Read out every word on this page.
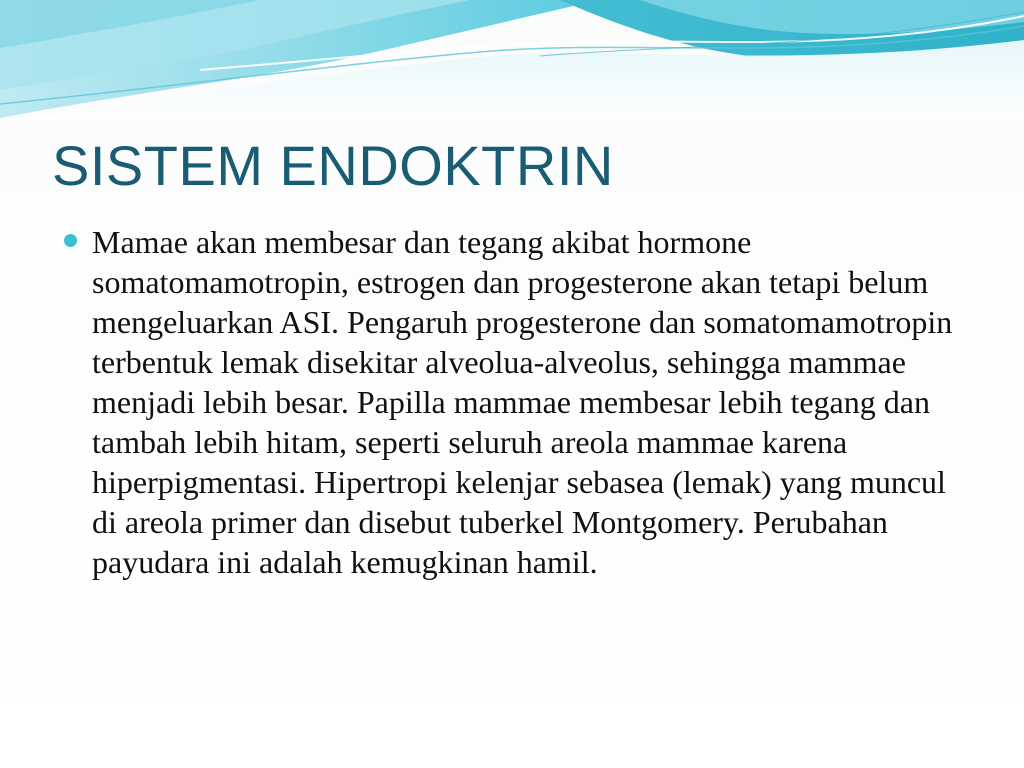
SISTEM ENDOKTRIN

Mamae akan membesar dan tegang akibat hormone somatomamotropin, estrogen dan progesterone akan tetapi belum mengeluarkan ASI. Pengaruh progesterone dan somatomamotropin terbentuk lemak disekitar alveolua-alveolus, sehingga mammae menjadi lebih besar. Papilla mammae membesar lebih tegang dan tambah lebih hitam, seperti seluruh areola mammae karena hiperpigmentasi. Hipertropi kelenjar sebasea (lemak) yang muncul di areola primer dan disebut tuberkel Montgomery. Perubahan payudara ini adalah kemugkinan hamil.
